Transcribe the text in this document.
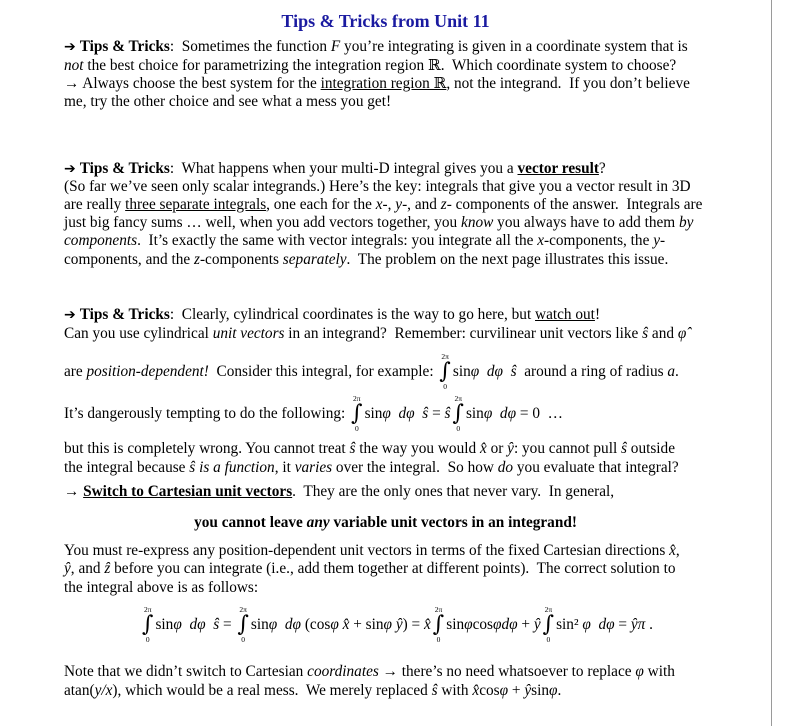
Tips & Tricks from Unit 11
➔ Tips & Tricks:  Sometimes the function F you’re integrating is given in a coordinate system that is
not the best choice for parametrizing the integration region ℝ.  Which coordinate system to choose?
→ Always choose the best system for the integration region ℝ, not the integrand.  If you don’t believe
me, try the other choice and see what a mess you get!
➔ Tips & Tricks:  What happens when your multi-D integral gives you a vector result?
(So far we’ve seen only scalar integrands.) Here’s the key: integrals that give you a vector result in 3D
are really three separate integrals, one each for the x-, y-, and z- components of the answer.  Integrals are
just big fancy sums … well, when you add vectors together, you know you always have to add them by
components.  It’s exactly the same with vector integrals: you integrate all the x-components, the y-
components, and the z-components separately.  The problem on the next page illustrates this issue.
➔ Tips & Tricks:  Clearly, cylindrical coordinates is the way to go here, but watch out!
Can you use cylindrical unit vectors in an integrand?  Remember: curvilinear unit vectors like ŝ and φ̂
are position-dependent!  Consider this integral, for example:
2π
∫
0
sinφ  dφ  ŝ  around a ring of radius a.
It’s dangerously tempting to do the following:
2π
∫
0
sinφ  dφ  ŝ = ŝ
2π
∫
0
sinφ  dφ = 0  …
but this is completely wrong. You cannot treat ŝ the way you would x̂ or ŷ: you cannot pull ŝ outside
the integral because ŝ is a function, it varies over the integral.  So how do you evaluate that integral?
→ Switch to Cartesian unit vectors.  They are the only ones that never vary.  In general,
you cannot leave any variable unit vectors in an integrand!
You must re-express any position-dependent unit vectors in terms of the fixed Cartesian directions x̂,
ŷ, and ẑ before you can integrate (i.e., add them together at different points).  The correct solution to
the integral above is as follows:
2π
∫
0
sinφ  dφ  ŝ =
2π
∫
0
sinφ  dφ (cosφ x̂ + sinφ ŷ) = x̂
2π
∫
0
sinφcosφdφ + ŷ
2π
∫
0
sin² φ  dφ = ŷπ .
Note that we didn’t switch to Cartesian coordinates → there’s no need whatsoever to replace φ with
atan(y/x), which would be a real mess.  We merely replaced ŝ with x̂cosφ + ŷsinφ.
